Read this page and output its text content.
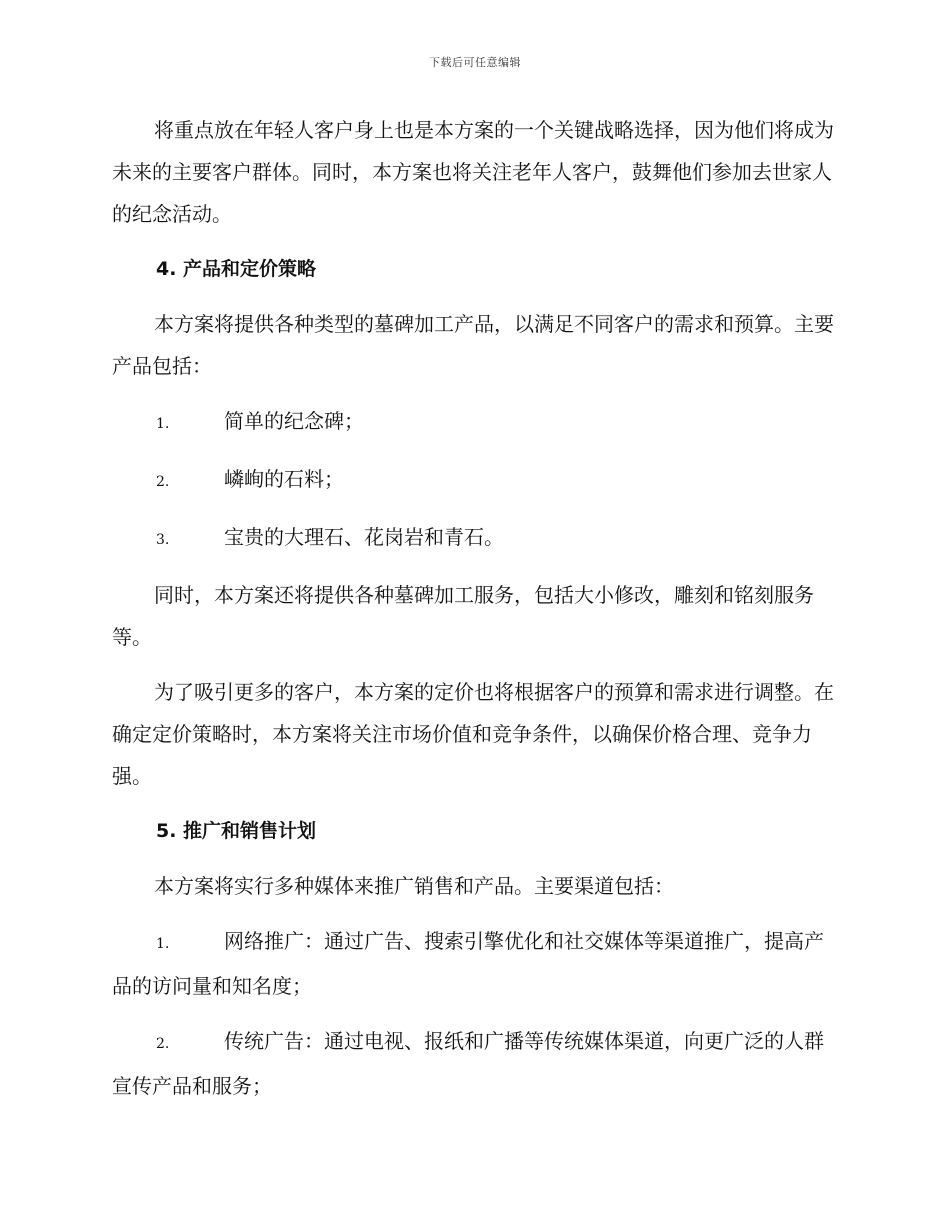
下载后可任意编辑

将重点放在年轻人客户身上也是本方案的一个关键战略选择，因为他们将成为未来的主要客户群体。同时，本方案也将关注老年人客户，鼓舞他们参加去世家人的纪念活动。

4. 产品和定价策略

本方案将提供各种类型的墓碑加工产品，以满足不同客户的需求和预算。主要产品包括：

1.	简单的纪念碑；

2.	嶙峋的石料；

3.	宝贵的大理石、花岗岩和青石。

同时，本方案还将提供各种墓碑加工服务，包括大小修改，雕刻和铭刻服务等。

为了吸引更多的客户，本方案的定价也将根据客户的预算和需求进行调整。在确定定价策略时，本方案将关注市场价值和竞争条件，以确保价格合理、竞争力强。

5. 推广和销售计划

本方案将实行多种媒体来推广销售和产品。主要渠道包括：

1.	网络推广：通过广告、搜索引擎优化和社交媒体等渠道推广，提高产品的访问量和知名度；

2.	传统广告：通过电视、报纸和广播等传统媒体渠道，向更广泛的人群宣传产品和服务；
